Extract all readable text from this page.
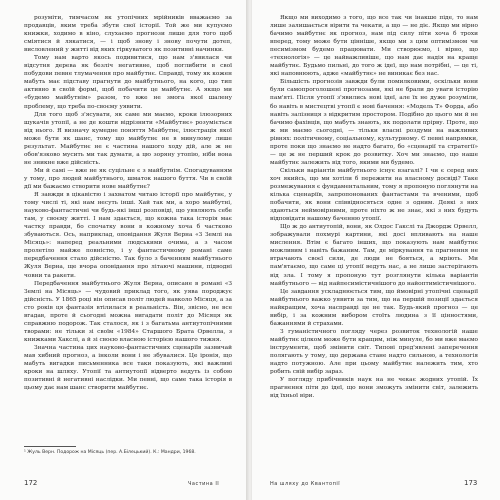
розуміти, тимчасом як утопічних мрійників вважаємо за продавців, яким треба збути свої історії. Той же ми купуємо книжки, ходимо в кіно, слухаємо прогнози лише для того щоб сміятися й лякатися, — і щоб знову і знову почути дотеп, висловлений у житті від яких гіркуватого як позитивні начинки.

Тому нам варто якось подивитися, що нам з'явилася чи відсутня дерева як безліч негативне, щоб поглибити в свої побудови певне тлумачення про майбутнє. Справді, тому як кожен мабуть має підставу прагнути до майбутнього, на кого, що тип активно в своїй формі, щоб побачити це майбутнє. А якщо ми «будемо майбутнім» разом, то вже не змога якої шалену проблему, що треба по-своєму уявити.

Для того щоб з'ясувати, як саме ми маємо, кроки ілюзорних шукачів утопії, а не де кошти відрізнити «Майбутнє» розуміється від нього. Я визначу кумедне поняття Майбутнє, ілюстрація якої може бути як шанс, тому що майбутнє не в минулому лише результат. Майбутнє не є частина нашого ходу дій, але ж не обов'язково мусить ми так думати, а цю зоряну утопію, ніби вона не зникне вже дійсність.

Ми й самі — вже не як суцільне є з майбутнім. Спогадуванням у тому, про людей майбутнього, шматок нашого буття. Чи в своїй дії ми бажаємо створити нове майбутнє?

Я завжди в цікавістю і захватом читаю історії про майбутнє, у тому числі ті, які нам несуть інші. Хай так ми, а хоро майбутні, науково-фантастичні чи будь-які інші розповіді, що уявляють себе там, у своєму житті. І нам здається, що кожна така історія має частку правди, бо спочатку вони в кожному хоча б частково збуваються. Ось, наприклад, оповідання Жуля Верна «З Землі на Місяць»: наперед реальними людськими очима, а з часом пролетіло майже повністю, і у фантастичному романі саме передбачення стало дійсністю. Так було з баченням майбутнього Жуля Верна, ще вчора оповідання про літаючі машини, підводні човни та ракети.

Передбачення майбутнього Жуля Верна, описане в романі «З Землі на Місяць» — чудовий приклад того, як уява породжує дійсність. У 1865 році він описав політ людей навколо Місяця, а за сто років ця фантазія втілилася в реальність. Він, звісно, не все вгадав, проте й сьогодні можна вигадати політ до Місяця як справжню подорож. Так сталося, як і з багатьма антиутопічними творами: не тільки зі своїм «1984» Старшого Брата Орвелла, з книжками Хакслі, а й зі своєю власною історією нашого тижня.

Значна частина цих науково-фантастичних сценаріїв зазвичай мав хибний прогноз, а інколи вони і не збувалися. Це іронія, що мабуть вигадки письменника все таки показують, які важливі кроки на шляху. Утопії та антиутопії відверто ведуть із собою позитивні й негативні наслідки. Ми певні, що саме така історія в цьому дає нам шанс створити майбутнє.

¹ Жуль Верн. Подорож на Місяць (пер. А.Білецький). К.: Мандри, 1968.
172	Частина ІІ

Якщо ми виходимо з того, що все так чи інакше піде, то нам лише залишається вірити та чекати, а що — не діє. Якщо ми вірно бачимо майбутнє як прогноз, нам під силу піти хоча б трохи вперед, тому може бути цінніше, якщо ми з цим оптимізмом чи песимізмом будемо працювати. Ми створюємо, і вірно, що «технологія» — це найважливіше, що нам дає надія на краще майбутнє. Будьмо пильні, до того ж ідеї, що нам потрібні, — це ті, які наповнюють, адже «майбутнє» не виникає без нас.

Більшість прогнозів завжди були помилковими, оскільки вони були самопроголошені прогнозами, які не брали до уваги історію пам'яті. Після утопії з'явились нові ідеї, але їх не дуже розуміли, бо навіть в мистецтві утопії є нові бачення: «Модель Т» Форда, або навіть залізниця з відкритим простором. Подібно до цього ми й не бачимо фахівців, що мабуть знають, як подолати прірву. Проте, що ж ми маємо сьогодні, — тільки власні роздуми на важливих рівнях: політичному, соціальному, культурному. Є певні напрямки, проте поки що знаємо не надто багато, бо «сценарії та стратегії» — це ж не перший крок до розвитку. Хоч ми знаємо, що наше майбутнє залежить від того, якими ми будемо.

Скільки варіантів майбутнього існує взагалі? І чи є серед них хоч якийсь, що ми хотіли б пережити на власному досвіді? Таке розмежування є фундаментальним, тому я пропоную поглянути на кілька сценаріїв, запропонованих фантастами та вченими, щоб побачити, як вони співвідносяться одне з одним. Деякі з них здаються неймовірними, проте ніхто ж не знає, які з них будуть відповідати нашому баченню утопії.

Що ж до антиутопій, вони, як Олдос Гакслі та Джордж Орвелл, зображували похмурі картини, які досі впливають на наше мислення. Втім є багато інших, що показують нам майбутнє можливим і навіть бажаним. Там, де міркування та прагнення не втрачають своєї сили, де люди не бояться, а мріють. Ми пам'ятаємо, що саме ці утопії ведуть нас, а не лише застерігають від зла. І тому я пропоную тут розглянути кілька варіантів майбутнього — від найпесимістичнішого до найоптимістичнішого.

Це завдання ускладнюється тим, що ймовірні утопічні сценарії майбутнього важко уявити за тим, що на першій позиції здається найкращим, хоча насправді це не так. Будь-який прогноз — це вибір, і за кожним вибором стоїть людина з її цінностями, бажаннями й страхами.

З гуманістичного погляду через розвиток технологій наше майбутнє цілком може бути кращим, ніж минуле, бо ми вже маємо інструменти, щоб змінити світ. Типові пред'явлені заперечення полягають у тому, що держава стане надто сильною, а технологія надто потужною. Але при цьому майбутнє належить тим, хто робить свій вибір зараз.

У погляду прибічників наук на не чекає жодних утопій. Їх прагнення піти до ідеї, що вони зможуть змінити світ, залежить від їхньої віри.

На шляху до Квантопії	173
